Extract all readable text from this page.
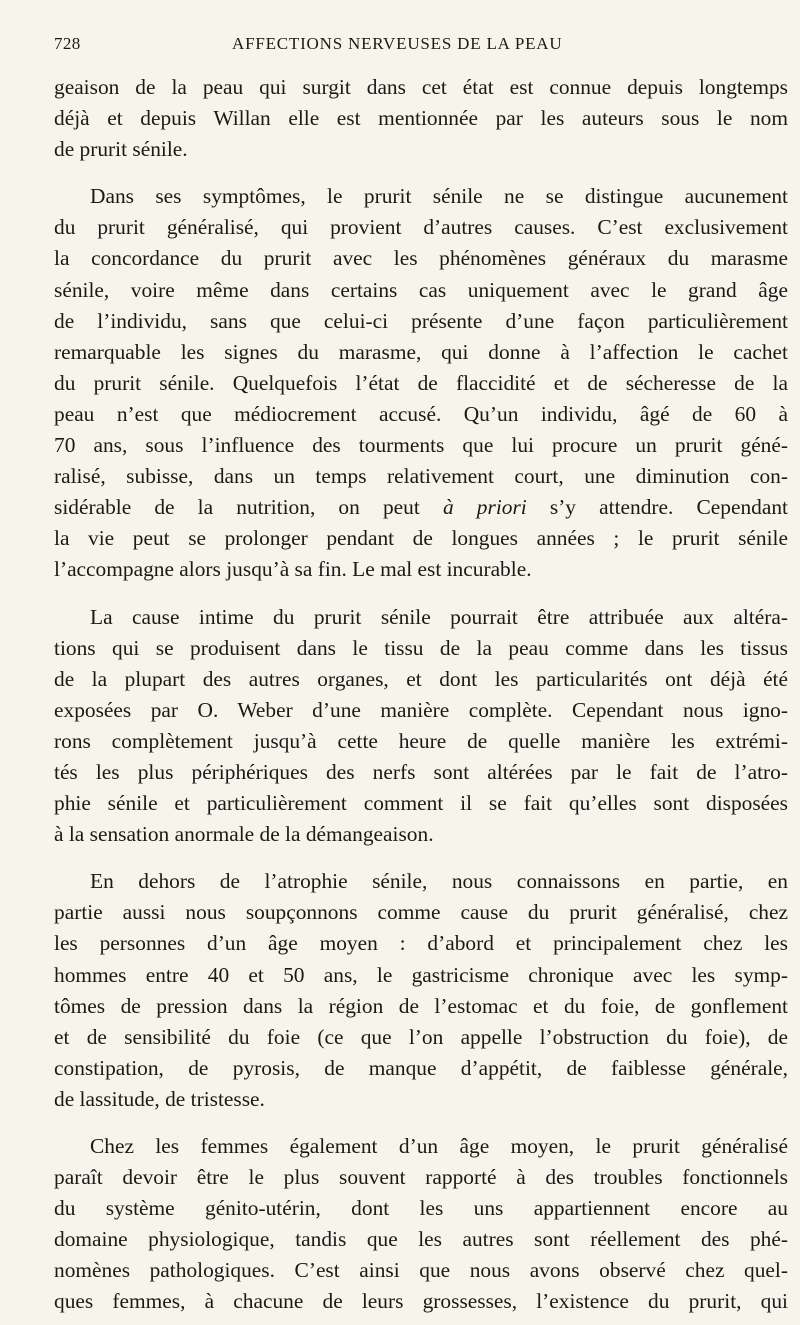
728	AFFECTIONS NERVEUSES DE LA PEAU

geaison de la peau qui surgit dans cet état est connue depuis longtemps
déjà et depuis Willan elle est mentionnée par les auteurs sous le nom
de prurit sénile.

Dans ses symptômes, le prurit sénile ne se distingue aucunement
du prurit généralisé, qui provient d’autres causes. C’est exclusivement
la concordance du prurit avec les phénomènes généraux du marasme
sénile, voire même dans certains cas uniquement avec le grand âge
de l’individu, sans que celui-ci présente d’une façon particulièrement
remarquable les signes du marasme, qui donne à l’affection le cachet
du prurit sénile. Quelquefois l’état de flaccidité et de sécheresse de la
peau n’est que médiocrement accusé. Qu’un individu, âgé de 60 à
70 ans, sous l’influence des tourments que lui procure un prurit géné-
ralisé, subisse, dans un temps relativement court, une diminution con-
sidérable de la nutrition, on peut à priori s’y attendre. Cependant
la vie peut se prolonger pendant de longues années ; le prurit sénile
l’accompagne alors jusqu’à sa fin. Le mal est incurable.

La cause intime du prurit sénile pourrait être attribuée aux altéra-
tions qui se produisent dans le tissu de la peau comme dans les tissus
de la plupart des autres organes, et dont les particularités ont déjà été
exposées par O. Weber d’une manière complète. Cependant nous igno-
rons complètement jusqu’à cette heure de quelle manière les extrémi-
tés les plus périphériques des nerfs sont altérées par le fait de l’atro-
phie sénile et particulièrement comment il se fait qu’elles sont disposées
à la sensation anormale de la démangeaison.

En dehors de l’atrophie sénile, nous connaissons en partie, en
partie aussi nous soupçonnons comme cause du prurit généralisé, chez
les personnes d’un âge moyen : d’abord et principalement chez les
hommes entre 40 et 50 ans, le gastricisme chronique avec les symp-
tômes de pression dans la région de l’estomac et du foie, de gonflement
et de sensibilité du foie (ce que l’on appelle l’obstruction du foie), de
constipation, de pyrosis, de manque d’appétit, de faiblesse générale,
de lassitude, de tristesse.

Chez les femmes également d’un âge moyen, le prurit généralisé
paraît devoir être le plus souvent rapporté à des troubles fonctionnels
du système génito-utérin, dont les uns appartiennent encore au
domaine physiologique, tandis que les autres sont réellement des phé-
nomènes pathologiques. C’est ainsi que nous avons observé chez quel-
ques femmes, à chacune de leurs grossesses, l’existence du prurit, qui
